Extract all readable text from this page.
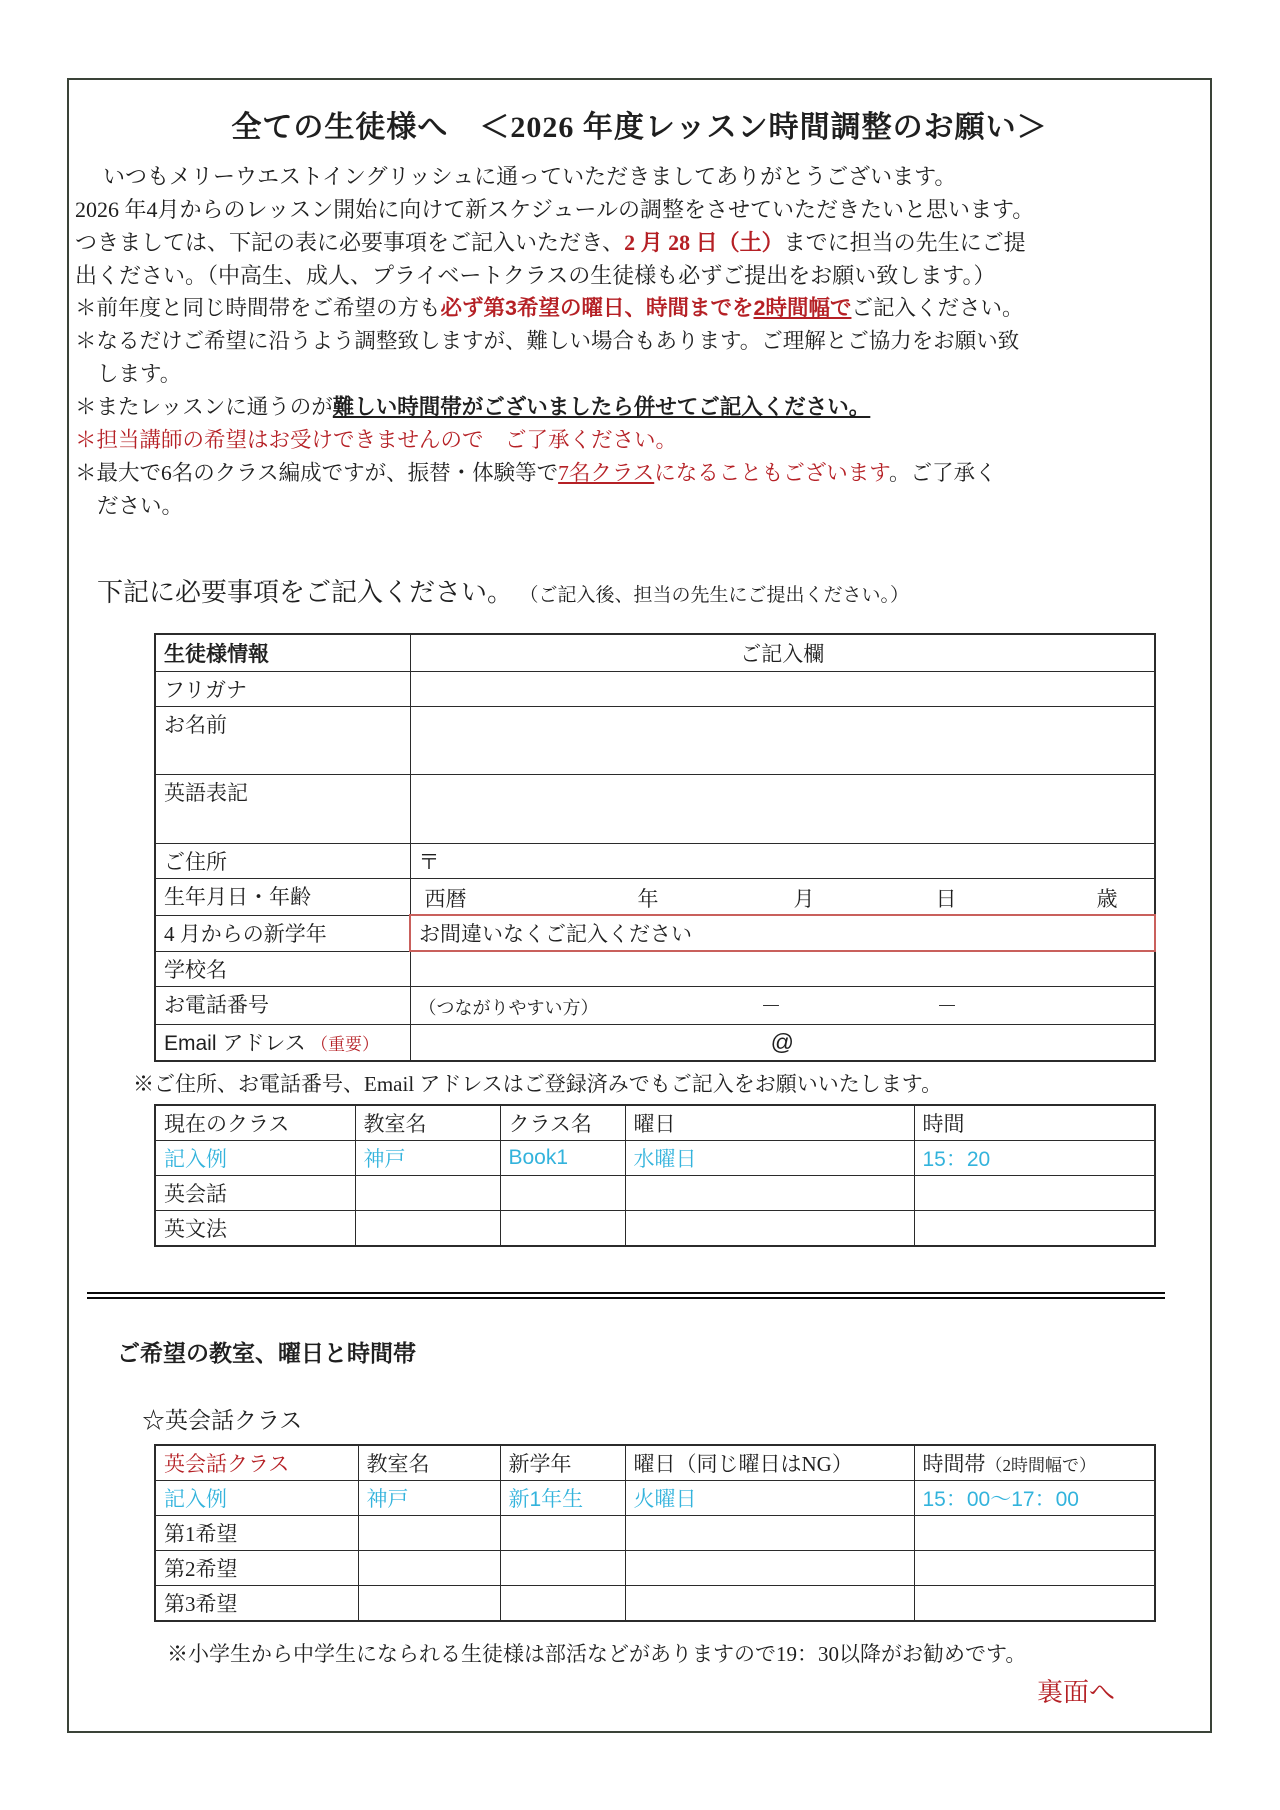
全ての生徒様へ　＜2026 年度レッスン時間調整のお願い＞
いつもメリーウエストイングリッシュに通っていただきましてありがとうございます。
2026 年4月からのレッスン開始に向けて新スケジュールの調整をさせていただきたいと思います。
つきましては、下記の表に必要事項をご記入いただき、2 月 28 日（土）までに担当の先生にご提
出ください。（中高生、成人、プライベートクラスの生徒様も必ずご提出をお願い致します。）
＊前年度と同じ時間帯をご希望の方も必ず第3希望の曜日、時間までを2時間幅でご記入ください。
＊なるだけご希望に沿うよう調整致しますが、難しい場合もあります。ご理解とご協力をお願い致
します。
＊またレッスンに通うのが難しい時間帯がございましたら併せてご記入ください。
＊担当講師の希望はお受けできませんので　ご了承ください。
＊最大で6名のクラス編成ですが、振替・体験等で7名クラスになることもございます。ご了承く
ださい。
下記に必要事項をご記入ください。 （ご記入後、担当の先生にご提出ください。）
生徒様情報	ご記入欄
フリガナ	
お名前	
英語表記	
ご住所	〒
生年月日・年齢	西暦 年 月 日 歳

4 月からの新学年	お間違いなくご記入ください
学校名	
お電話番号	（つながりやすい方） － －

Email アドレス （重要）	@
※ご住所、お電話番号、Email アドレスはご登録済みでもご記入をお願いいたします。
現在のクラス	教室名	クラス名	曜日	時間
記入例	神戸	Book1	水曜日	15：20
英会話				
英文法				
ご希望の教室、曜日と時間帯
☆英会話クラス
英会話クラス	教室名	新学年	曜日（同じ曜日はNG）	時間帯（2時間幅で）
記入例	神戸	新1年生	火曜日	15：00～17：00
第1希望				
第2希望				
第3希望				
※小学生から中学生になられる生徒様は部活などがありますので19：30以降がお勧めです。
裏面へ
